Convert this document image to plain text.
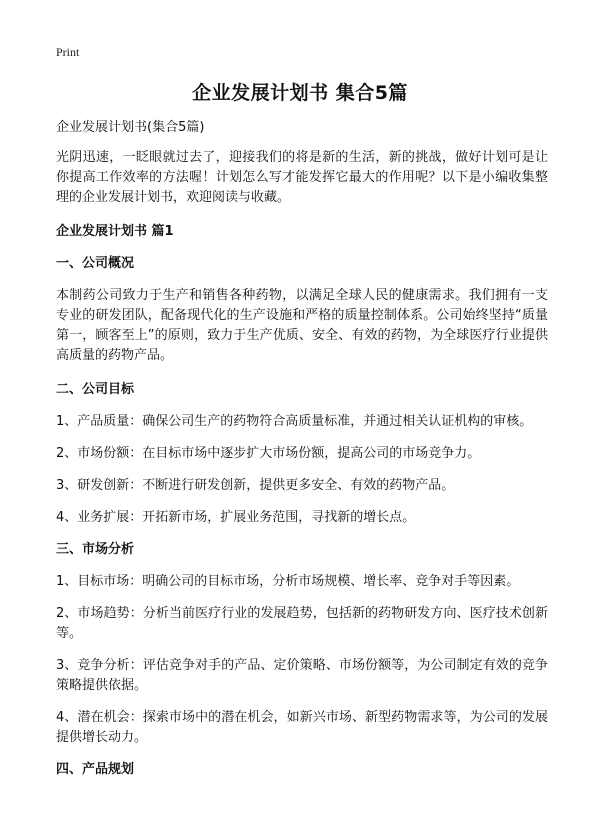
Print
企业发展计划书 集合5篇

企业发展计划书(集合5篇)

光阴迅速，一眨眼就过去了，迎接我们的将是新的生活，新的挑战，做好计划可是让你提高工作效率的方法喔！计划怎么写才能发挥它最大的作用呢？以下是小编收集整理的企业发展计划书，欢迎阅读与收藏。

企业发展计划书 篇1

一、公司概况

本制药公司致力于生产和销售各种药物，以满足全球人民的健康需求。我们拥有一支专业的研发团队，配备现代化的生产设施和严格的质量控制体系。公司始终坚持“质量第一，顾客至上”的原则，致力于生产优质、安全、有效的药物，为全球医疗行业提供高质量的药物产品。

二、公司目标

1、产品质量：确保公司生产的药物符合高质量标准，并通过相关认证机构的审核。

2、市场份额：在目标市场中逐步扩大市场份额，提高公司的市场竞争力。

3、研发创新：不断进行研发创新，提供更多安全、有效的药物产品。

4、业务扩展：开拓新市场，扩展业务范围，寻找新的增长点。

三、市场分析

1、目标市场：明确公司的目标市场，分析市场规模、增长率、竞争对手等因素。

2、市场趋势：分析当前医疗行业的发展趋势，包括新的药物研发方向、医疗技术创新等。

3、竞争分析：评估竞争对手的产品、定价策略、市场份额等，为公司制定有效的竞争策略提供依据。

4、潜在机会：探索市场中的潜在机会，如新兴市场、新型药物需求等，为公司的发展提供增长动力。

四、产品规划
